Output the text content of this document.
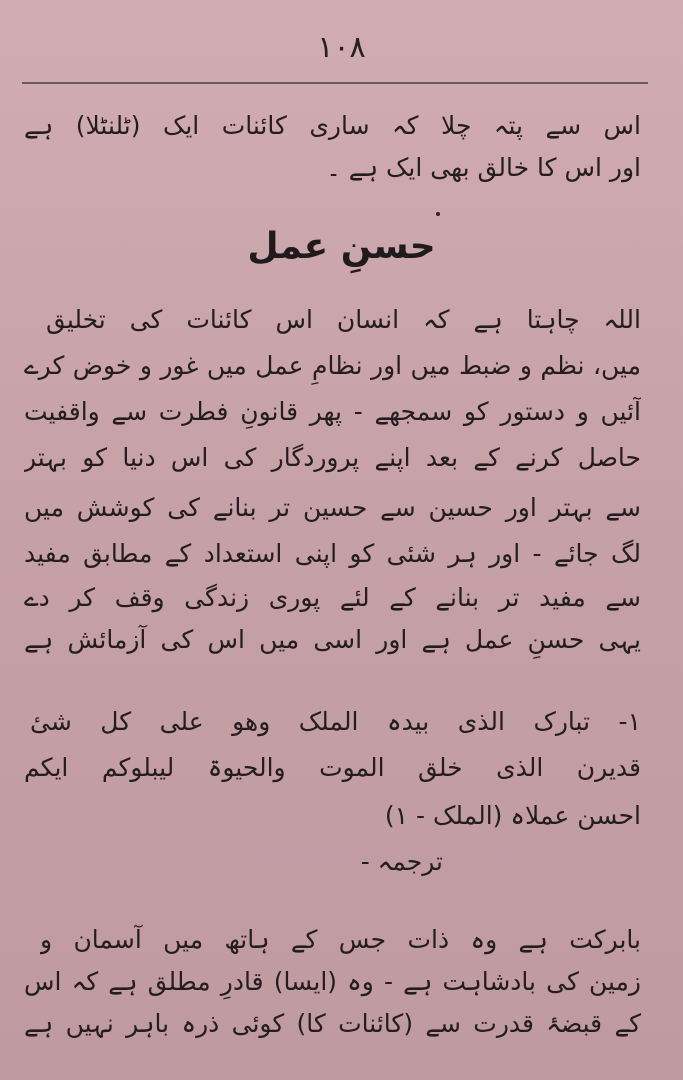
۱۰۸
اس سے پتہ چلا کہ ساری کائنات ایک (ٹلنٹلا) ہے
اور اس کا خالق بھی ایک ہے ۔
حسنِ عمل
اللہ چاہتا ہے کہ انسان اس کائنات کی تخلیق
میں، نظم و ضبط میں اور نظامِ عمل میں غور و خوض کرے
آئیں و دستور کو سمجھے - پھر قانونِ فطرت سے واقفیت
حاصل کرنے کے بعد اپنے پروردگار کی اس دنیا کو بہتر
سے بہتر اور حسین سے حسین تر بنانے کی کوشش میں
لگ جائے - اور ہر شئی کو اپنی استعداد کے مطابق مفید
سے مفید تر بنانے کے لئے پوری زندگی وقف کر دے
یہی حسنِ عمل ہے اور اسی میں اس کی آزمائش ہے
۱- تبارک الذی بیدہ الملک وھو علی کل شیٔ
قدیرن الذی خلق الموت والحیوۃ لیبلوکم ایکم
احسن عملاہ (الملک - ۱)
ترجمہ -
بابرکت ہے وہ ذات جس کے ہاتھ میں آسمان و
زمین کی بادشاہت ہے - وہ (ایسا) قادرِ مطلق ہے کہ اس
کے قبضۂ قدرت سے (کائنات کا) کوئی ذرہ باہر نہیں ہے
